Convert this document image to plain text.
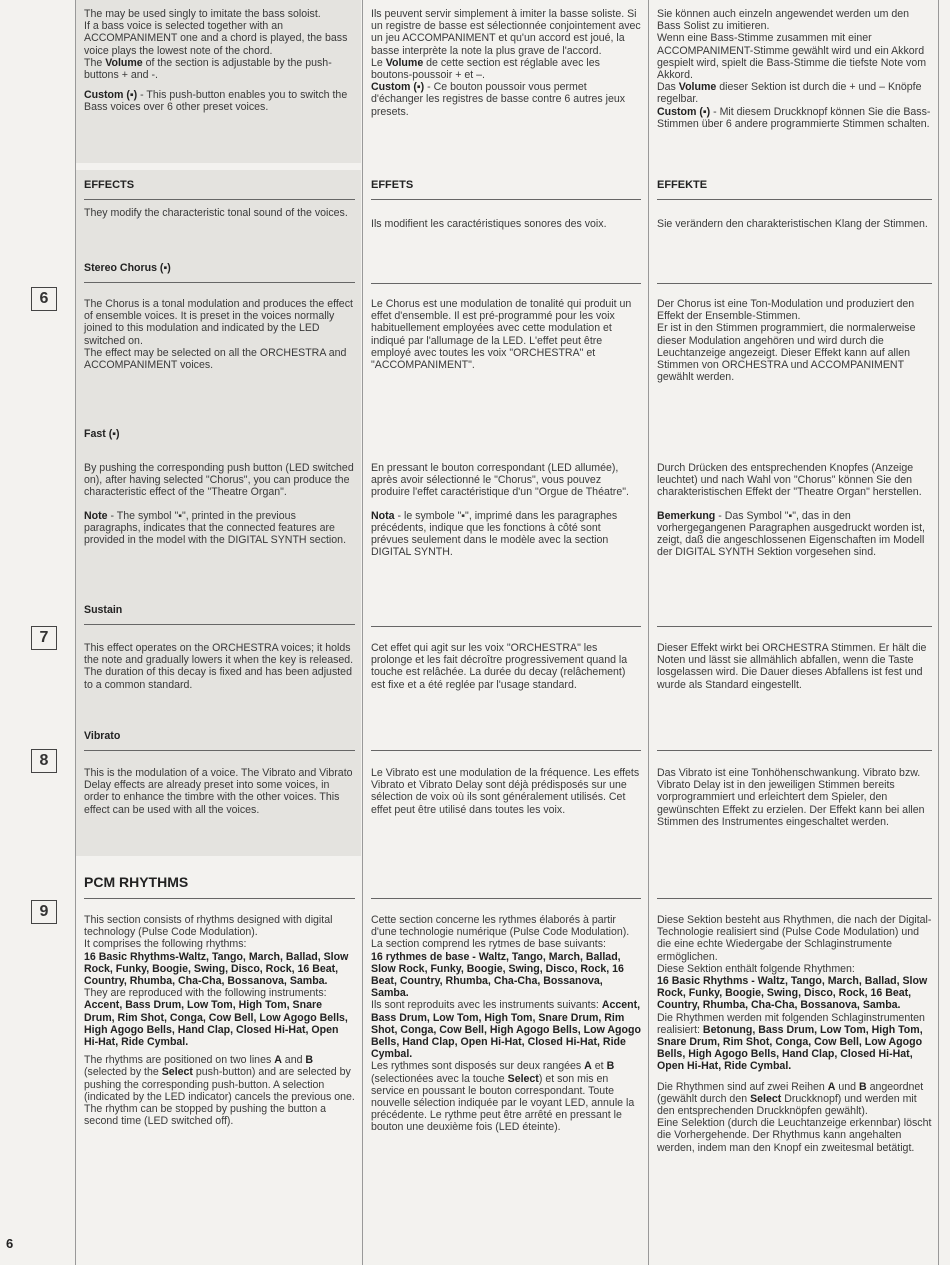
6
7
8
9
6

The may be used singly to imitate the bass soloist.

If a bass voice is selected together with an ACCOMPANIMENT one and a chord is played, the bass voice plays the lowest note of the chord.

The Volume of the section is adjustable by the push-buttons + and -.

Custom (▪) - This push-button enables you to switch the Bass voices over 6 other preset voices.

EFFECTS

They modify the characteristic tonal sound of the voices.

Stereo Chorus (▪)

The Chorus is a tonal modulation and produces the effect of ensemble voices. It is preset in the voices normally joined to this modulation and indicated by the LED switched on.

The effect may be selected on all the ORCHESTRA and ACCOMPANIMENT voices.

Fast (▪)

By pushing the corresponding push button (LED switched on), after having selected "Chorus", you can produce the characteristic effect of the "Theatre Organ".

Note - The symbol "▪", printed in the previous paragraphs, indicates that the connected features are provided in the model with the DIGITAL SYNTH section.

Sustain

This effect operates on the ORCHESTRA voices; it holds the note and gradually lowers it when the key is released. The duration of this decay is fixed and has been adjusted to a common standard.

Vibrato

This is the modulation of a voice. The Vibrato and Vibrato Delay effects are already preset into some voices, in order to enhance the timbre with the other voices. This effect can be used with all the voices.

PCM RHYTHMS

This section consists of rhythms designed with digital technology (Pulse Code Modulation).

It comprises the following rhythms:

16 Basic Rhythms-Waltz, Tango, March, Ballad, Slow Rock, Funky, Boogie, Swing, Disco, Rock, 16 Beat, Country, Rhumba, Cha-Cha, Bossanova, Samba.

They are reproduced with the following instruments: Accent, Bass Drum, Low Tom, High Tom, Snare Drum, Rim Shot, Conga, Cow Bell, Low Agogo Bells, High Agogo Bells, Hand Clap, Closed Hi-Hat, Open Hi-Hat, Ride Cymbal.

The rhythms are positioned on two lines A and B (selected by the Select push-button) and are selected by pushing the corresponding push-button. A selection (indicated by the LED indicator) cancels the previous one. The rhythm can be stopped by pushing the button a second time (LED switched off).

Ils peuvent servir simplement à imiter la basse soliste. Si un registre de basse est sélectionnée conjointement avec un jeu ACCOMPANIMENT et qu'un accord est joué, la basse interprète la note la plus grave de l'accord.

Le Volume de cette section est réglable avec les boutons-poussoir + et –.

Custom (▪) - Ce bouton poussoir vous permet d'échanger les registres de basse contre 6 autres jeux presets.

EFFETS

Ils modifient les caractéristiques sonores des voix.

Le Chorus est une modulation de tonalité qui produit un effet d'ensemble. Il est pré-programmé pour les voix habituellement employées avec cette modulation et indiqué par l'allumage de la LED. L'effet peut être employé avec toutes les voix "ORCHESTRA" et "ACCOMPANIMENT".

En pressant le bouton correspondant (LED allumée), après avoir sélectionné le "Chorus", vous pouvez produire l'effet caractéristique d'un "Orgue de Théatre".

Nota - le symbole "▪", imprimé dans les paragraphes précédents, indique que les fonctions à côté sont prévues seulement dans le modèle avec la section DIGITAL SYNTH.

Cet effet qui agit sur les voix "ORCHESTRA" les prolonge et les fait décroître progressivement quand la touche est relâchée. La durée du decay (relâchement) est fixe et a été reglée par l'usage standard.

Le Vibrato est une modulation de la fréquence. Les effets Vibrato et Vibrato Delay sont déjà prédisposés sur une sélection de voix où ils sont généralement utilisés. Cet effet peut être utilisé dans toutes les voix.

Cette section concerne les rythmes élaborés à partir d'une technologie numérique (Pulse Code Modulation).

La section comprend les rytmes de base suivants:

16 rythmes de base - Waltz, Tango, March, Ballad, Slow Rock, Funky, Boogie, Swing, Disco, Rock, 16 Beat, Country, Rhumba, Cha-Cha, Bossanova, Samba.

Ils sont reproduits avec les instruments suivants: Accent, Bass Drum, Low Tom, High Tom, Snare Drum, Rim Shot, Conga, Cow Bell, High Agogo Bells, Low Agogo Bells, Hand Clap, Open Hi-Hat, Closed Hi-Hat, Ride Cymbal.

Les rythmes sont disposés sur deux rangées A et B (selectionées avec la touche Select) et son mis en service en poussant le bouton correspondant. Toute nouvelle sélection indiquée par le voyant LED, annule la précédente. Le rythme peut être arrêté en pressant le bouton une deuxième fois (LED éteinte).

Sie können auch einzeln angewendet werden um den Bass Solist zu imitieren.

Wenn eine Bass-Stimme zusammen mit einer ACCOMPANIMENT-Stimme gewählt wird und ein Akkord gespielt wird, spielt die Bass-Stimme die tiefste Note vom Akkord.

Das Volume dieser Sektion ist durch die + und – Knöpfe regelbar.

Custom (▪) - Mit diesem Druckknopf können Sie die Bass-Stimmen über 6 andere programmierte Stimmen schalten.

EFFEKTE

Sie verändern den charakteristischen Klang der Stimmen.

Der Chorus ist eine Ton-Modulation und produziert den Effekt der Ensemble-Stimmen.

Er ist in den Stimmen programmiert, die normalerweise dieser Modulation angehören und wird durch die Leuchtanzeige angezeigt. Dieser Effekt kann auf allen Stimmen von ORCHESTRA und ACCOMPANIMENT gewählt werden.

Durch Drücken des entsprechenden Knopfes (Anzeige leuchtet) und nach Wahl von "Chorus" können Sie den charakteristischen Effekt der "Theatre Organ" herstellen.

Bemerkung - Das Symbol "▪", das in den vorhergegangenen Paragraphen ausgedruckt worden ist, zeigt, daß die angeschlossenen Eigenschaften im Modell der DIGITAL SYNTH Sektion vorgesehen sind.

Dieser Effekt wirkt bei ORCHESTRA Stimmen. Er hält die Noten und lässt sie allmählich abfallen, wenn die Taste losgelassen wird. Die Dauer dieses Abfallens ist fest und wurde als Standard eingestellt.

Das Vibrato ist eine Tonhöhenschwankung. Vibrato bzw. Vibrato Delay ist in den jeweiligen Stimmen bereits vorprogrammiert und erleichtert dem Spieler, den gewünschten Effekt zu erzielen. Der Effekt kann bei allen Stimmen des Instrumentes eingeschaltet werden.

Diese Sektion besteht aus Rhythmen, die nach der Digital-Technologie realisiert sind (Pulse Code Modulation) und die eine echte Wiedergabe der Schlaginstrumente ermöglichen.

Diese Sektion enthält folgende Rhythmen:

16 Basic Rhythms - Waltz, Tango, March, Ballad, Slow Rock, Funky, Boogie, Swing, Disco, Rock, 16 Beat, Country, Rhumba, Cha-Cha, Bossanova, Samba.

Die Rhythmen werden mit folgenden Schlaginstrumenten realisiert: Betonung, Bass Drum, Low Tom, High Tom, Snare Drum, Rim Shot, Conga, Cow Bell, Low Agogo Bells, High Agogo Bells, Hand Clap, Closed Hi-Hat, Open Hi-Hat, Ride Cymbal.

Die Rhythmen sind auf zwei Reihen A und B angeordnet (gewählt durch den Select Druckknopf) und werden mit den entsprechenden Druckknöpfen gewählt).

Eine Selektion (durch die Leuchtanzeige erkennbar) löscht die Vorhergehende. Der Rhythmus kann angehalten werden, indem man den Knopf ein zweitesmal betätigt.
